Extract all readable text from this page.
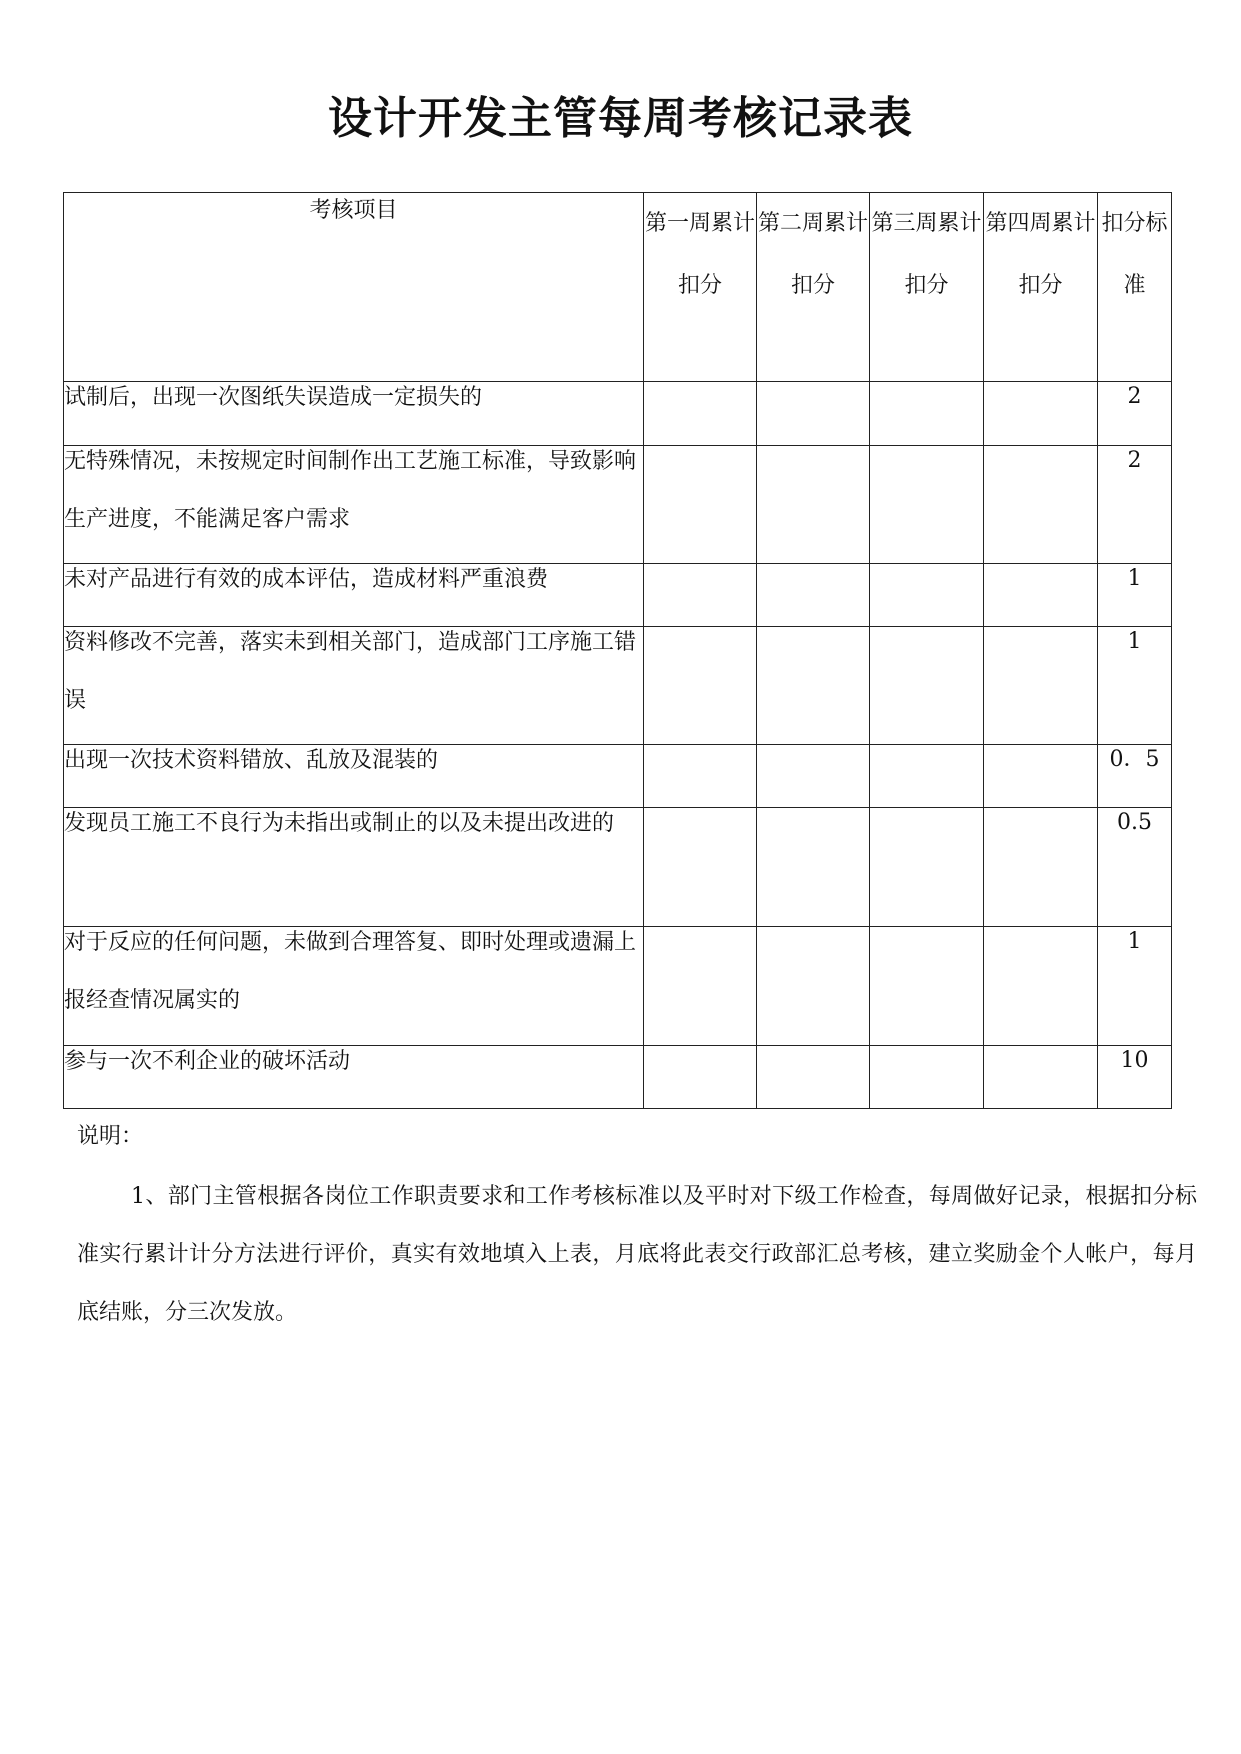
设计开发主管每周考核记录表
考核项目	第一周累计扣分	第二周累计扣分	第三周累计扣分	第四周累计扣分	扣分标准

试制后，出现一次图纸失误造成一定损失的					2

无特殊情况，未按规定时间制作出工艺施工标准，导致影响生产进度，不能满足客户需求					2

未对产品进行有效的成本评估，造成材料严重浪费					1

资料修改不完善，落实未到相关部门，造成部门工序施工错误					1

出现一次技术资料错放、乱放及混装的					0．5

发现员工施工不良行为未指出或制止的以及未提出改进的					0.5

对于反应的任何问题，未做到合理答复、即时处理或遗漏上报经查情况属实的					1

参与一次不利企业的破坏活动					10

说明：

1、部门主管根据各岗位工作职责要求和工作考核标准以及平时对下级工作检查，每周做好记录，根据扣分标准实行累计计分方法进行评价，真实有效地填入上表，月底将此表交行政部汇总考核，建立奖励金个人帐户，每月底结账，分三次发放。
